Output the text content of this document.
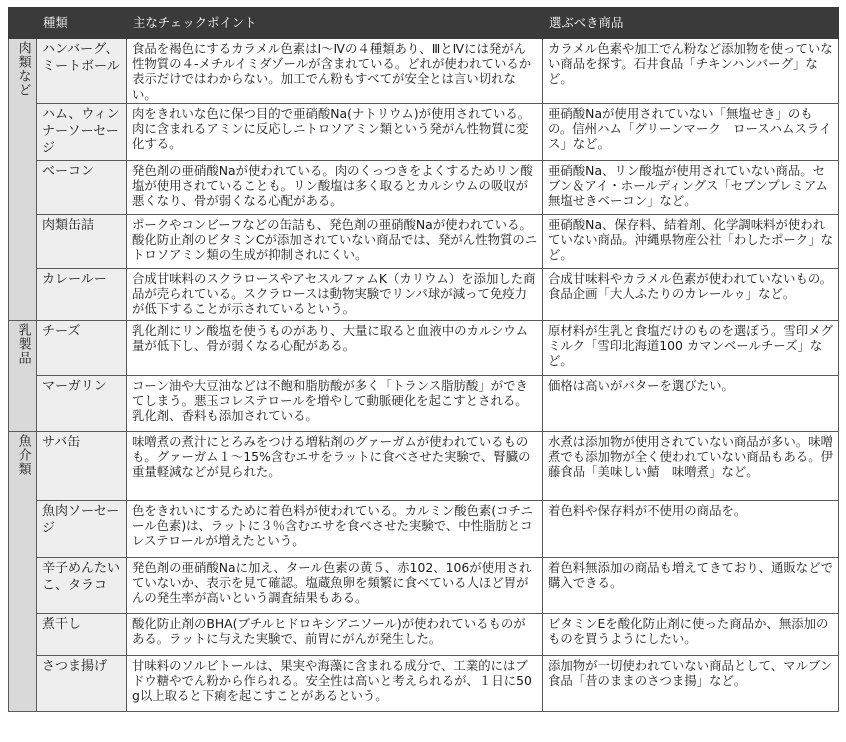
	種類	主なチェックポイント	選ぶべき商品
肉類など	ハンバーグ、ミートボール	食品を褐色にするカラメル色素はⅠ〜Ⅳの４種類あり、ⅢとⅣには発がん性物質の４‐メチルイミダゾールが含まれている。どれが使われているか表示だけではわからない。加工でん粉もすべてが安全とは言い切れない。	カラメル色素や加工でん粉など添加物を使っていない商品を探す。石井食品「チキンハンバーグ」など。
	ハム、ウィンナーソーセージ	肉をきれいな色に保つ目的で亜硝酸Na(ナトリウム)が使用されている。肉に含まれるアミンに反応しニトロソアミン類という発がん性物質に変化する。	亜硝酸Naが使用されていない「無塩せき」のもの。信州ハム「グリーンマーク　ロースハムスライス」など。
	ベーコン	発色剤の亜硝酸Naが使われている。肉のくっつきをよくするためリン酸塩が使用されていることも。リン酸塩は多く取るとカルシウムの吸収が悪くなり、骨が弱くなる心配がある。	亜硝酸Na、リン酸塩が使用されていない商品。セブン＆アイ・ホールディングス「セブンプレミアム　無塩せきベーコン」など。
	肉類缶詰	ポークやコンビーフなどの缶詰も、発色剤の亜硝酸Naが使われている。酸化防止剤のビタミンCが添加されていない商品では、発がん性物質のニトロソアミン類の生成が抑制されにくい。	亜硝酸Na、保存料、結着剤、化学調味料が使われていない商品。沖縄県物産公社「わしたポーク」など。
	カレールー	合成甘味料のスクラロースやアセスルファムK（カリウム）を添加した商品が売られている。スクラロースは動物実験でリンパ球が減って免疫力が低下することが示されているという。	合成甘味料やカラメル色素が使われていないもの。食品企画「大人ふたりのカレールゥ」など。
乳製品	チーズ	乳化剤にリン酸塩を使うものがあり、大量に取ると血液中のカルシウム量が低下し、骨が弱くなる心配がある。	原材料が生乳と食塩だけのものを選ぼう。雪印メグミルク「雪印北海道100 カマンベールチーズ」など。
	マーガリン	コーン油や大豆油などは不飽和脂肪酸が多く「トランス脂肪酸」ができてしまう。悪玉コレステロールを増やして動脈硬化を起こすとされる。乳化剤、香料も添加されている。	価格は高いがバターを選びたい。
魚介類	サバ缶	味噌煮の煮汁にとろみをつける増粘剤のグァーガムが使われているものも。グァーガム１〜15%含むエサをラットに食べさせた実験で、腎臓の重量軽減などが見られた。	水煮は添加物が使用されていない商品が多い。味噌煮でも添加物が全く使われていない商品もある。伊藤食品「美味しい鯖　味噌煮」など。
	魚肉ソーセージ	色をきれいにするために着色料が使われている。カルミン酸色素(コチニール色素)は、ラットに３％含むエサを食べさせた実験で、中性脂肪とコレステロールが増えたという。	着色料や保存料が不使用の商品を。
	辛子めんたいこ、タラコ	発色剤の亜硝酸Naに加え、タール色素の黄５、赤102、106が使用されていないか、表示を見て確認。塩蔵魚卵を頻繁に食べている人ほど胃がんの発生率が高いという調査結果もある。	着色料無添加の商品も増えてきており、通販などで購入できる。
	煮干し	酸化防止剤のBHA(ブチルヒドロキシアニソール)が使われているものがある。ラットに与えた実験で、前胃にがんが発生した。	ビタミンEを酸化防止剤に使った商品か、無添加のものを買うようにしたい。
	さつま揚げ	甘味料のソルビトールは、果実や海藻に含まれる成分で、工業的にはブドウ糖やでん粉から作られる。安全性は高いと考えられるが、１日に50g以上取ると下痢を起こすことがあるという。	添加物が一切使われていない商品として、マルブン食品「昔のままのさつま揚」など。
